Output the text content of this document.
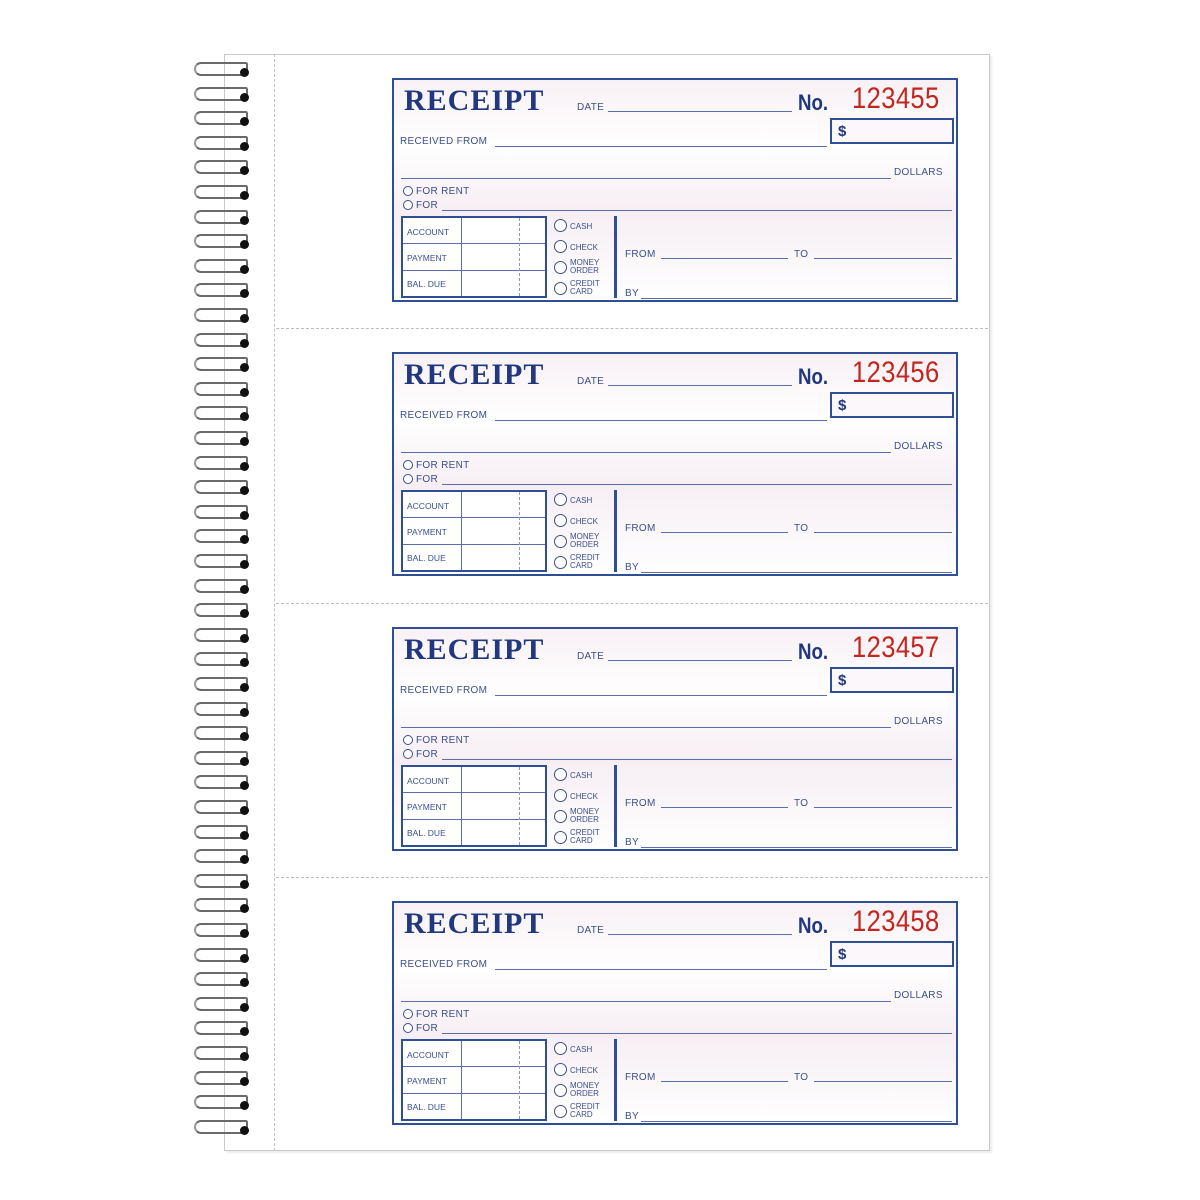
RECEIPT	DATE	No. 123455
RECEIVED FROM
$
DOLLARS
FOR RENT
FOR
ACCOUNT
PAYMENT
BAL. DUE
CASH
CHECK
MONEY
ORDER
CREDIT
CARD
FROM	TO
BY
RECEIPT	DATE	No. 123456
RECEIVED FROM
$
DOLLARS
FOR RENT
FOR
ACCOUNT
PAYMENT
BAL. DUE
CASH
CHECK
MONEY
ORDER
CREDIT
CARD
FROM	TO
BY
RECEIPT	DATE	No. 123457
RECEIVED FROM
$
DOLLARS
FOR RENT
FOR
ACCOUNT
PAYMENT
BAL. DUE
CASH
CHECK
MONEY
ORDER
CREDIT
CARD
FROM	TO
BY
RECEIPT	DATE	No. 123458
RECEIVED FROM
$
DOLLARS
FOR RENT
FOR
ACCOUNT
PAYMENT
BAL. DUE
CASH
CHECK
MONEY
ORDER
CREDIT
CARD
FROM	TO
BY
